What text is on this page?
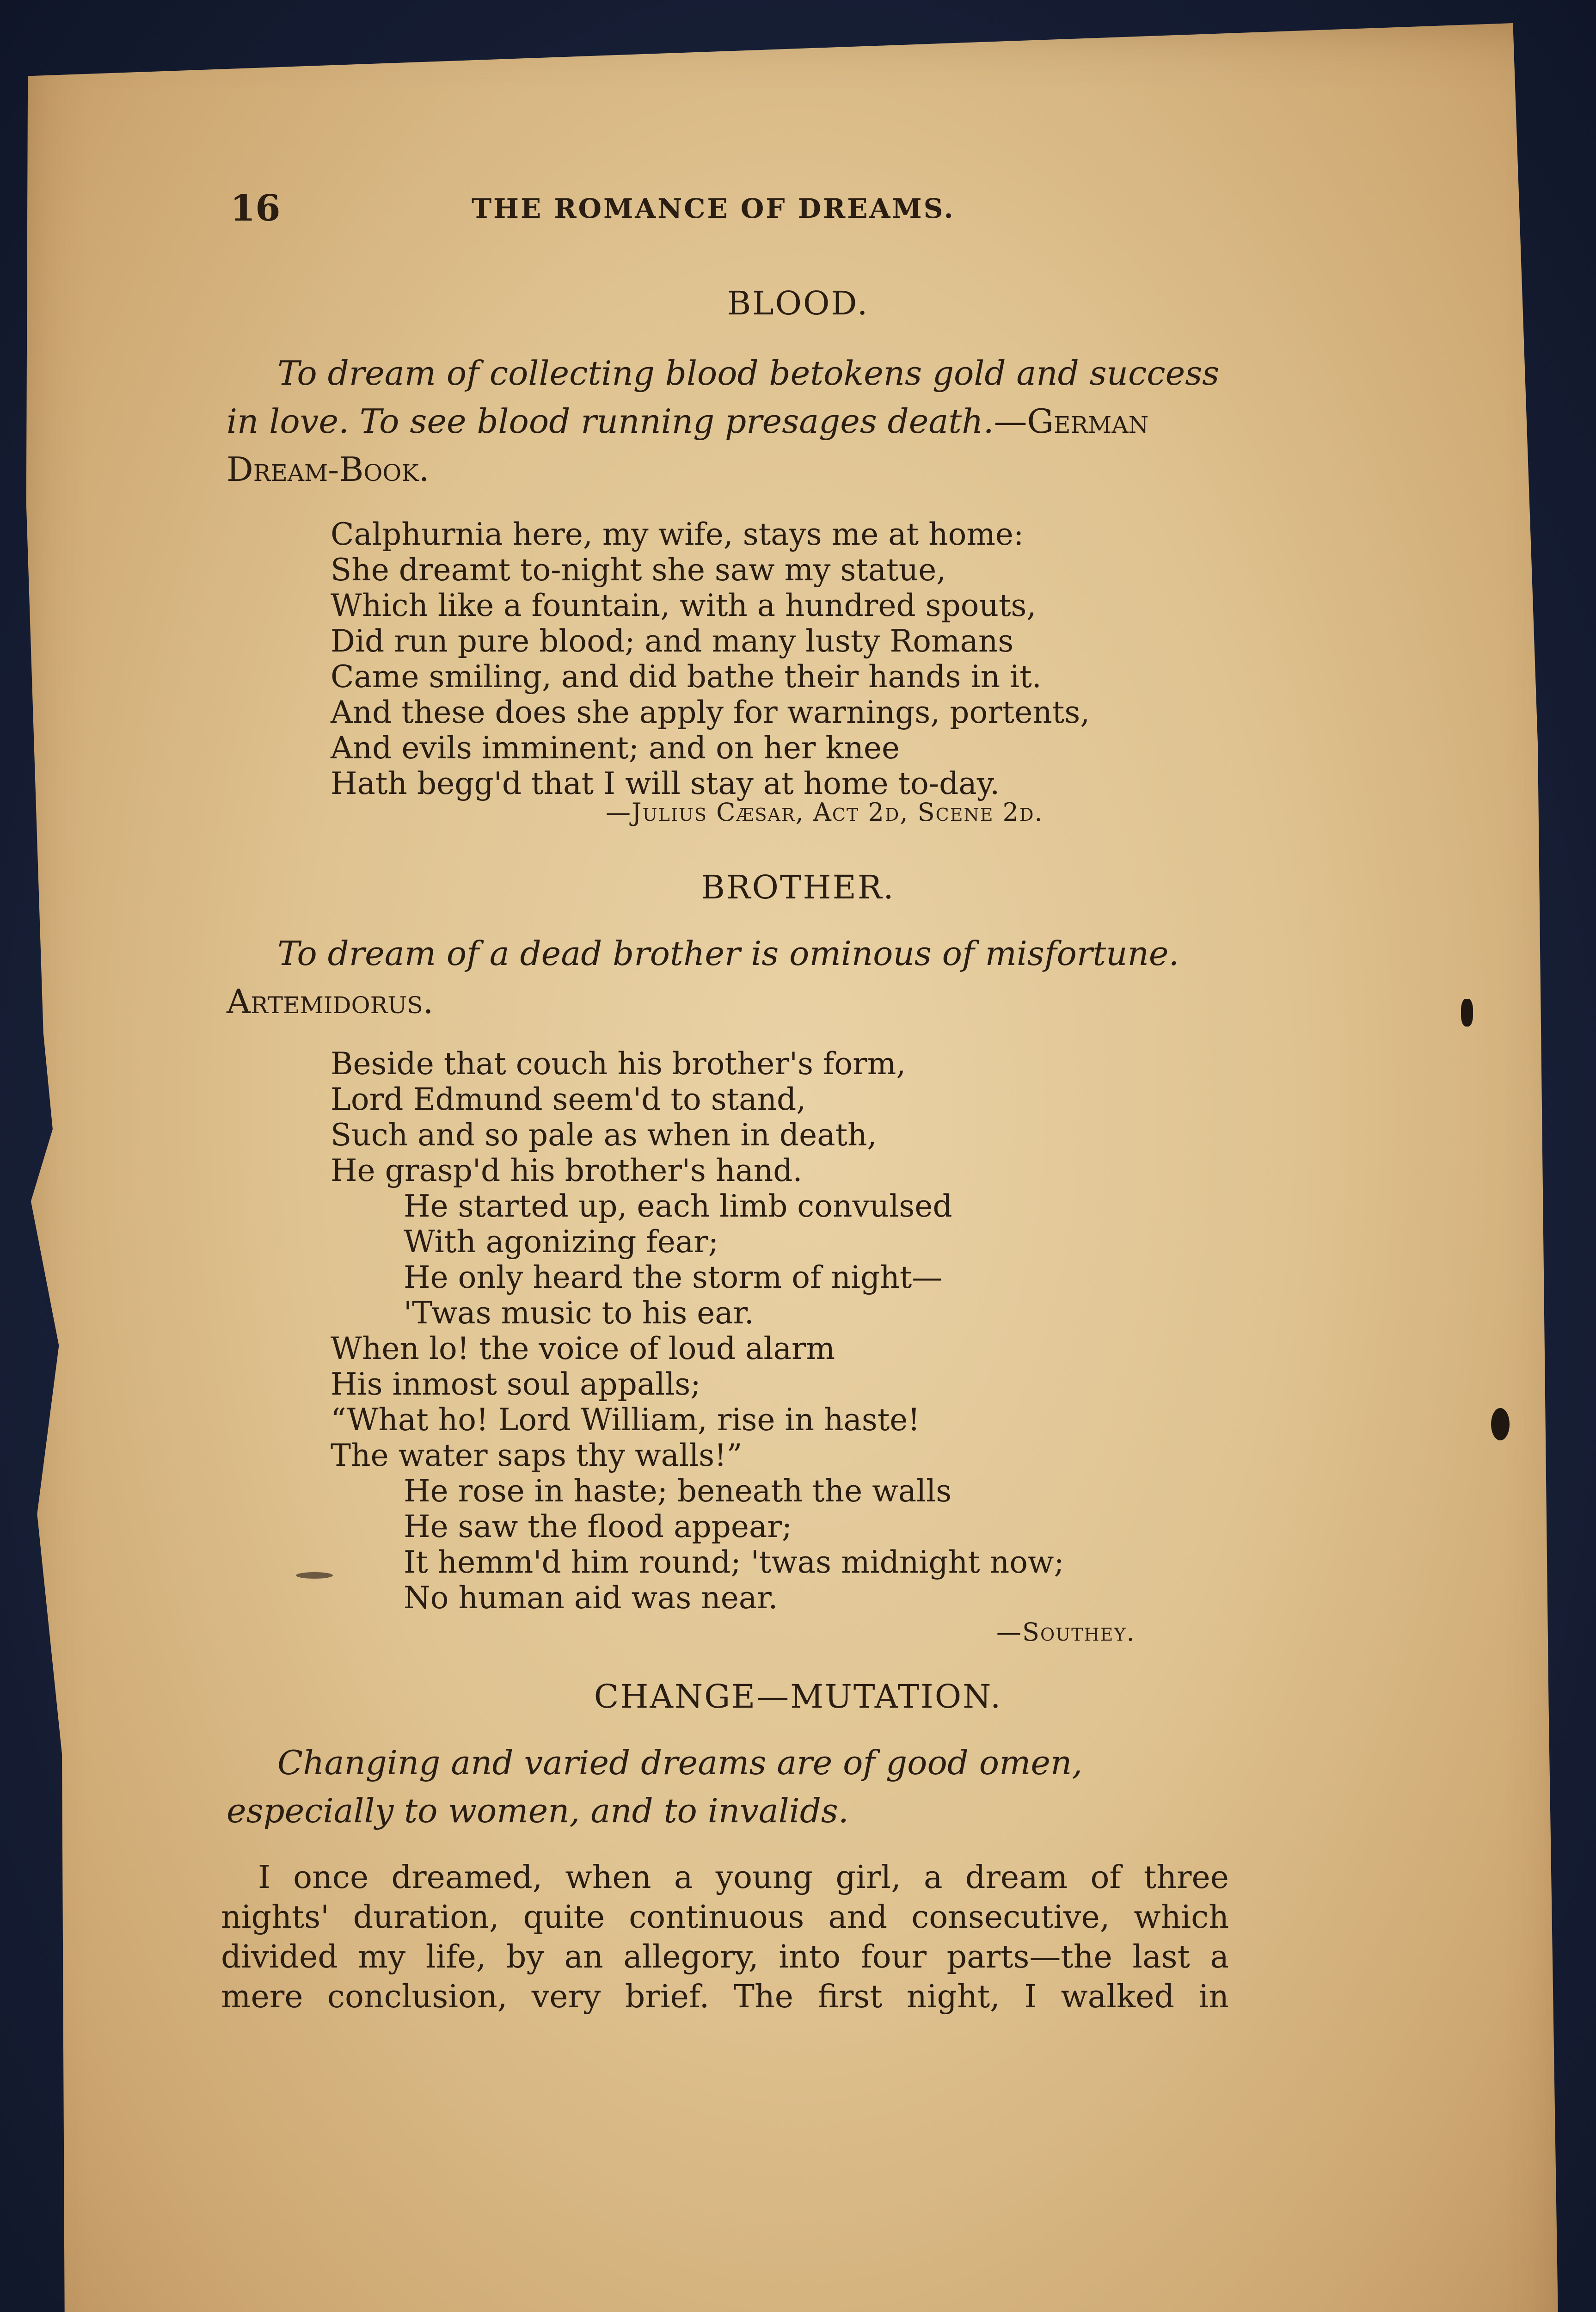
16	THE ROMANCE OF DREAMS.
BLOOD.

To dream of collecting blood betokens gold and success in love. To see blood running presages death.—German Dream-Book.

Calphurnia here, my wife, stays me at home:
She dreamt to-night she saw my statue,
Which like a fountain, with a hundred spouts,
Did run pure blood; and many lusty Romans
Came smiling, and did bathe their hands in it.
And these does she apply for warnings, portents,
And evils imminent; and on her knee
Hath begg'd that I will stay at home to-day.
—Julius Cæsar, Act 2d, Scene 2d.
BROTHER.

To dream of a dead brother is ominous of misfortune. Artemidorus.

Beside that couch his brother's form,
Lord Edmund seem'd to stand,
Such and so pale as when in death,
He grasp'd his brother's hand.
He started up, each limb convulsed
With agonizing fear;
He only heard the storm of night—
'Twas music to his ear.
When lo! the voice of loud alarm
His inmost soul appalls;
“What ho! Lord William, rise in haste!
The water saps thy walls!”
He rose in haste; beneath the walls
He saw the flood appear;
It hemm'd him round; 'twas midnight now;
No human aid was near.
—Southey.
CHANGE—MUTATION.

Changing and varied dreams are of good omen, especially to women, and to invalids.

I once dreamed, when a young girl, a dream of three
nights' duration, quite continuous and consecutive, which
divided my life, by an allegory, into four parts—the last a
mere conclusion, very brief. The first night, I walked in
